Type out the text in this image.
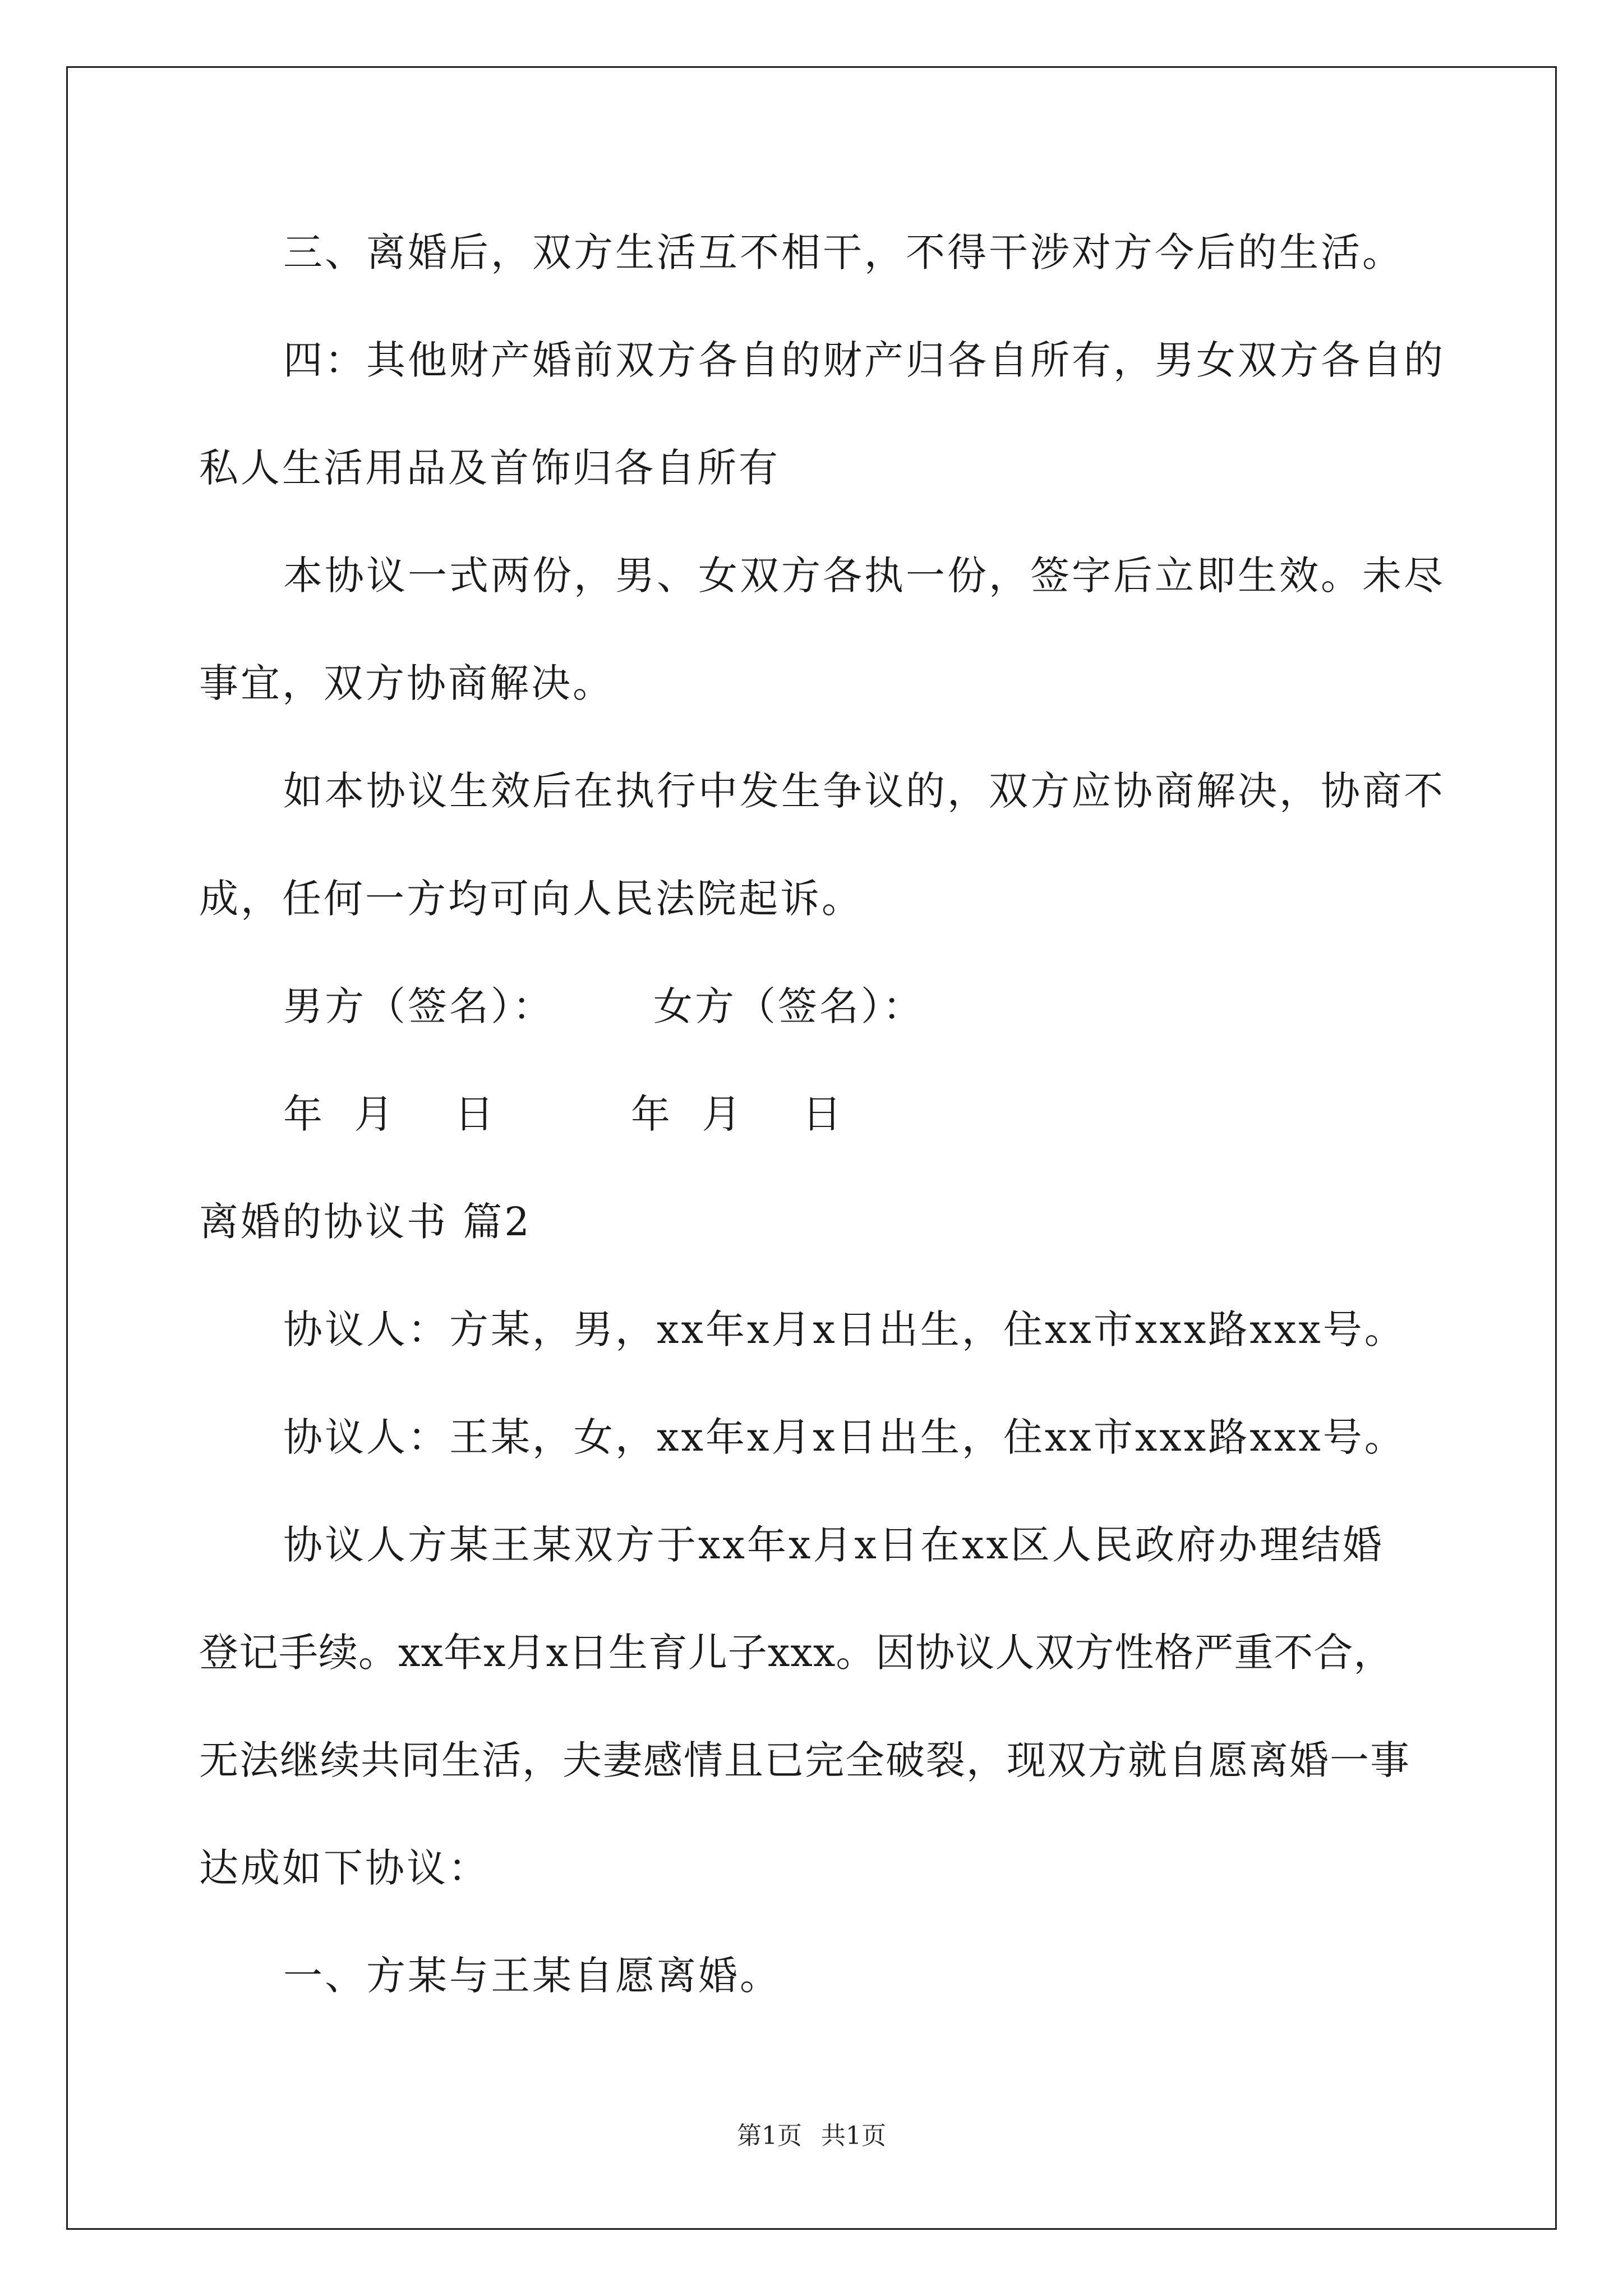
三、离婚后，双方生活互不相干，不得干涉对方今后的生活。
四：其他财产婚前双方各自的财产归各自所有，男女双方各自的
私人生活用品及首饰归各自所有
本协议一式两份，男、女双方各执一份，签字后立即生效。未尽
事宜，双方协商解决。
如本协议生效后在执行中发生争议的，双方应协商解决，协商不
成，任何一方均可向人民法院起诉。
男方（签名）：	女方（签名）：
年  月    日	年  月    日
离婚的协议书 篇2
协议人：方某，男，xx年x月x日出生，住xx市xxx路xxx号。
协议人：王某，女，xx年x月x日出生，住xx市xxx路xxx号。
协议人方某王某双方于xx年x月x日在xx区人民政府办理结婚
登记手续。xx年x月x日生育儿子xxx。因协议人双方性格严重不合，
无法继续共同生活，夫妻感情且已完全破裂，现双方就自愿离婚一事
达成如下协议：
一、方某与王某自愿离婚。
第1页 共1页
